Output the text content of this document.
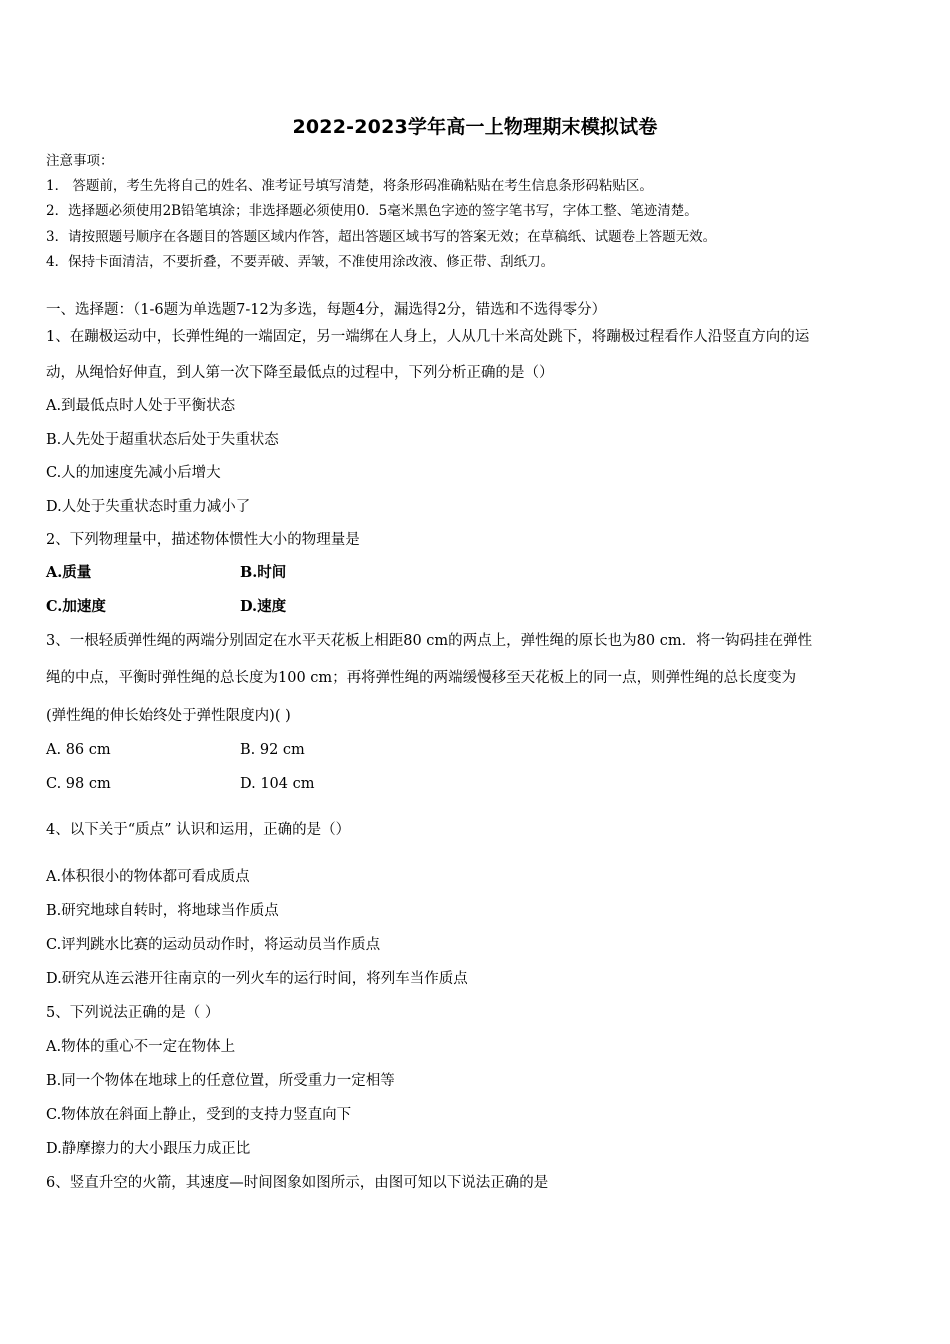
2022-2023学年高一上物理期末模拟试卷
注意事项：
1． 答题前，考生先将自己的姓名、准考证号填写清楚，将条形码准确粘贴在考生信息条形码粘贴区。
2．选择题必须使用2B铅笔填涂；非选择题必须使用0．5毫米黑色字迹的签字笔书写，字体工整、笔迹清楚。
3．请按照题号顺序在各题目的答题区域内作答，超出答题区域书写的答案无效；在草稿纸、试题卷上答题无效。
4．保持卡面清洁，不要折叠，不要弄破、弄皱，不准使用涂改液、修正带、刮纸刀。
一、选择题：（1-6题为单选题7-12为多选，每题4分，漏选得2分，错选和不选得零分）
1、在蹦极运动中，长弹性绳的一端固定，另一端绑在人身上，人从几十米高处跳下，将蹦极过程看作人沿竖直方向的运
动，从绳恰好伸直，到人第一次下降至最低点的过程中，下列分析正确的是（）
A.到最低点时人处于平衡状态
B.人先处于超重状态后处于失重状态
C.人的加速度先减小后增大
D.人处于失重状态时重力减小了
2、下列物理量中，描述物体惯性大小的物理量是
A.质量	B.时间
C.加速度	D.速度
3、一根轻质弹性绳的两端分别固定在水平天花板上相距80 cm的两点上，弹性绳的原长也为80 cm．将一钩码挂在弹性
绳的中点，平衡时弹性绳的总长度为100 cm；再将弹性绳的两端缓慢移至天花板上的同一点，则弹性绳的总长度变为
(弹性绳的伸长始终处于弹性限度内)( )
A. 86 cm	B. 92 cm
C. 98 cm	D. 104 cm
4、以下关于“质点” 认识和运用，正确的是（）
A.体积很小的物体都可看成质点
B.研究地球自转时，将地球当作质点
C.评判跳水比赛的运动员动作时，将运动员当作质点
D.研究从连云港开往南京的一列火车的运行时间，将列车当作质点
5、下列说法正确的是（ ）
A.物体的重心不一定在物体上
B.同一个物体在地球上的任意位置，所受重力一定相等
C.物体放在斜面上静止，受到的支持力竖直向下
D.静摩擦力的大小跟压力成正比
6、竖直升空的火箭，其速度—时间图象如图所示，由图可知以下说法正确的是
